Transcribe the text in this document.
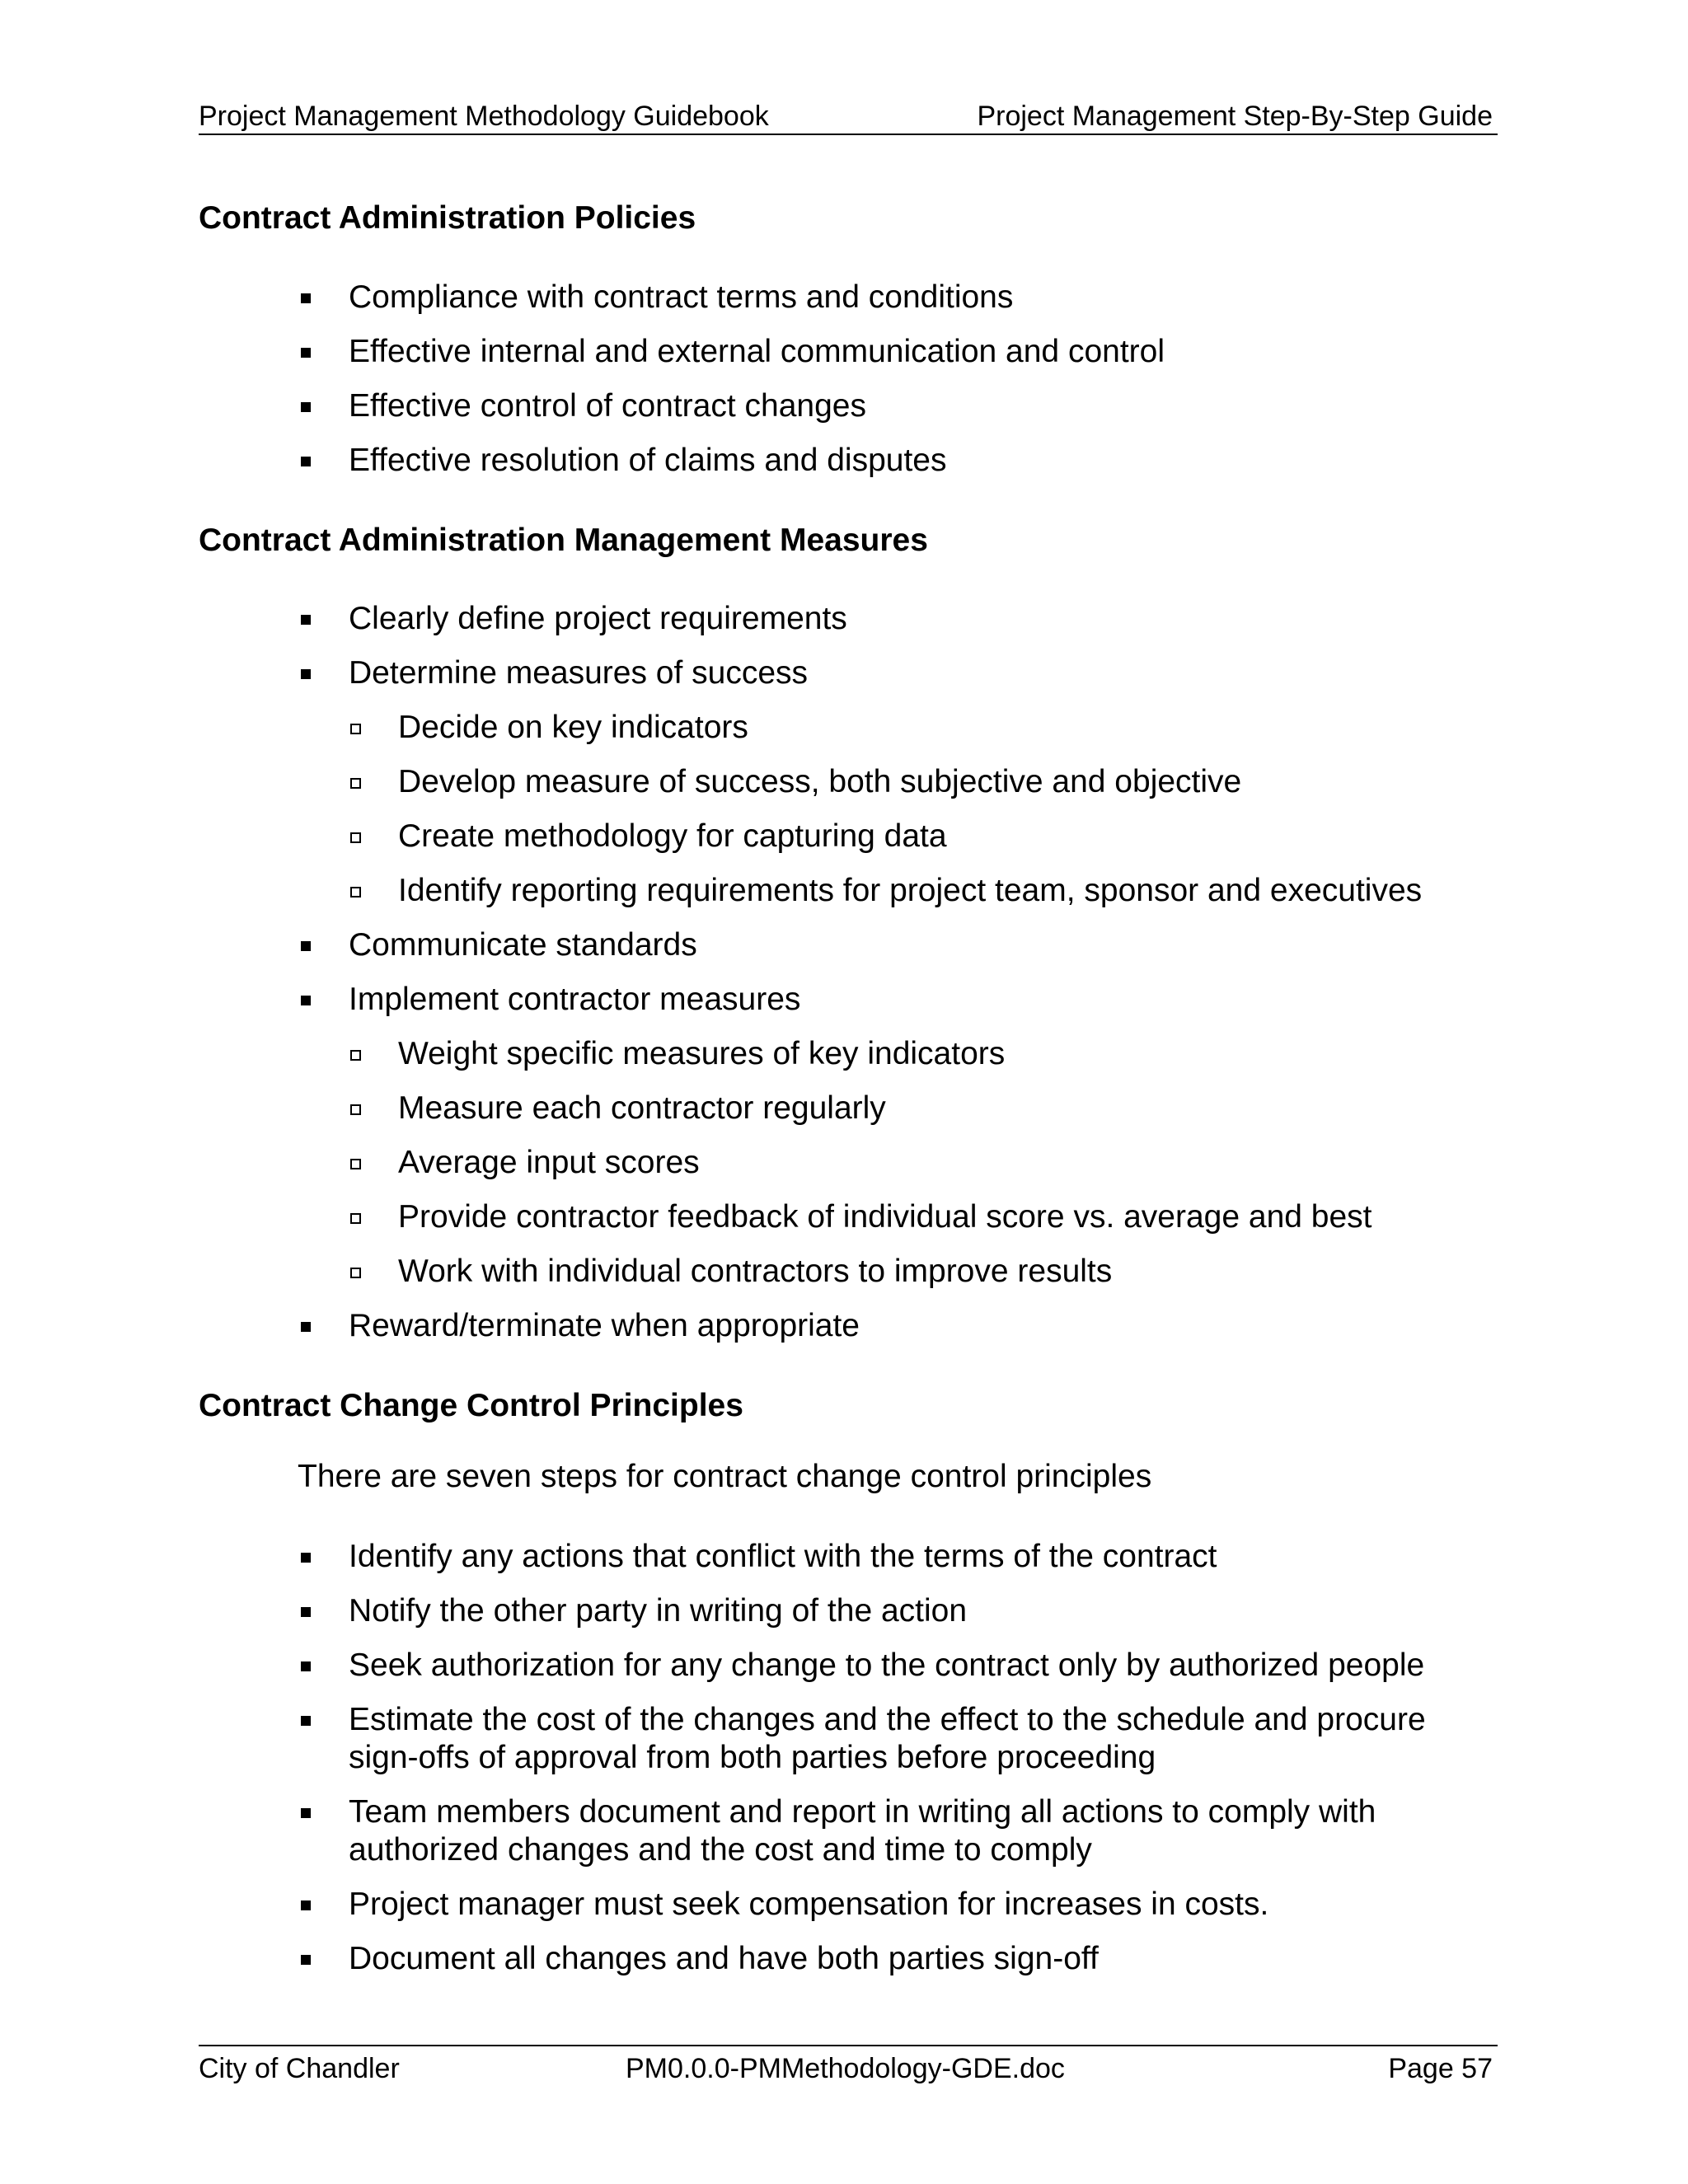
Project Management Methodology Guidebook	Project Management Step-By-Step Guide
Contract Administration Policies
Compliance with contract terms and conditions
Effective internal and external communication and control
Effective control of contract changes
Effective resolution of claims and disputes
Contract Administration Management Measures
Clearly define project requirements
Determine measures of success
Decide on key indicators
Develop measure of success, both subjective and objective
Create methodology for capturing data
Identify reporting requirements for project team, sponsor and executives
Communicate standards
Implement contractor measures
Weight specific measures of key indicators
Measure each contractor regularly
Average input scores
Provide contractor feedback of individual score vs. average and best
Work with individual contractors to improve results
Reward/terminate when appropriate
Contract Change Control Principles
There are seven steps for contract change control principles
Identify any actions that conflict with the terms of the contract
Notify the other party in writing of the action
Seek authorization for any change to the contract only by authorized people
Estimate the cost of the changes and the effect to the schedule and procure sign-offs of approval from both parties before proceeding
Team members document and report in writing all actions to comply with authorized changes and the cost and time to comply
Project manager must seek compensation for increases in costs.
Document all changes and have both parties sign-off
City of Chandler	PM0.0.0-PMMethodology-GDE.doc	Page 57
